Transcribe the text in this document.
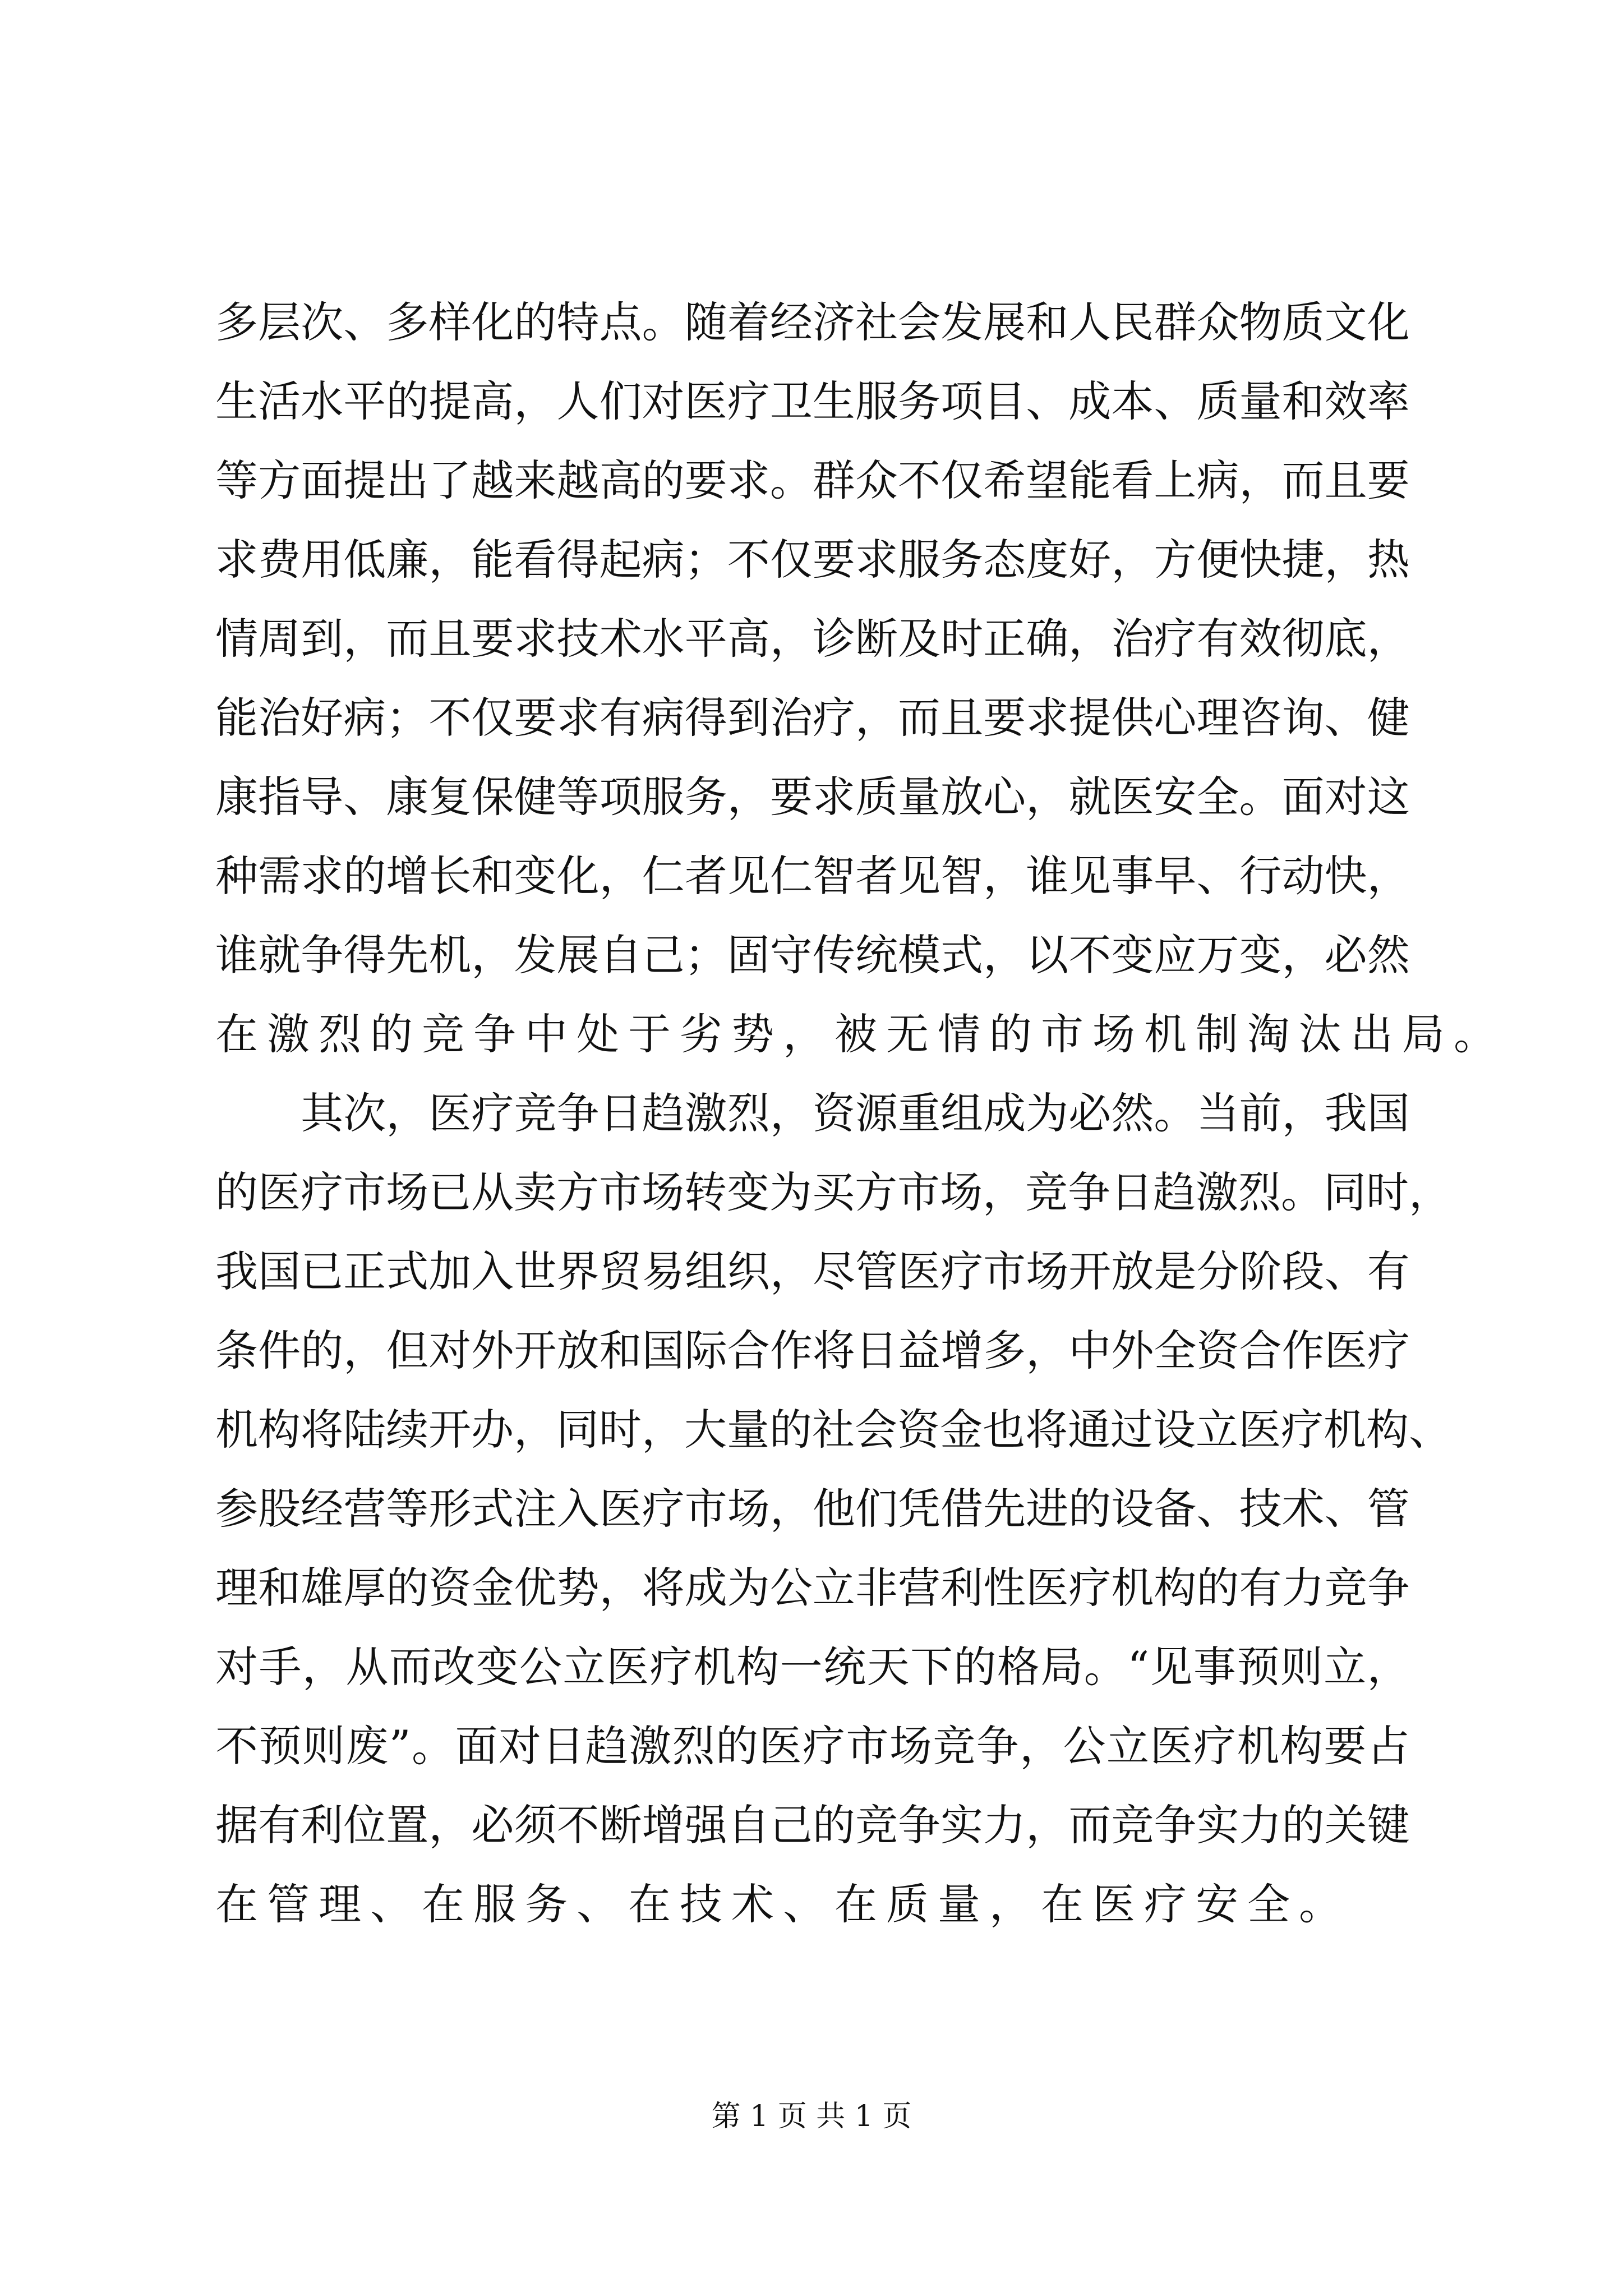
多 层 次 、 多 样 化 的 特 点 。 随 着 经 济 社 会 发 展 和 人 民 群 众 物 质 文 化
生 活 水 平 的 提 高 ， 人 们 对 医 疗 卫 生 服 务 项 目 、 成 本 、 质 量 和 效 率
等 方 面 提 出 了 越 来 越 高 的 要 求 。 群 众 不 仅 希 望 能 看 上 病 ， 而 且 要
求 费 用 低 廉 ， 能 看 得 起 病 ； 不 仅 要 求 服 务 态 度 好 ， 方 便 快 捷 ， 热
情 周 到 ， 而 且 要 求 技 术 水 平 高 ， 诊 断 及 时 正 确 ， 治 疗 有 效 彻 底 ，
能 治 好 病 ； 不 仅 要 求 有 病 得 到 治 疗 ， 而 且 要 求 提 供 心 理 咨 询 、 健
康 指 导 、 康 复 保 健 等 项 服 务 ， 要 求 质 量 放 心 ， 就 医 安 全 。 面 对 这
种 需 求 的 增 长 和 变 化 ， 仁 者 见 仁 智 者 见 智 ， 谁 见 事 早 、 行 动 快 ，
谁 就 争 得 先 机 ， 发 展 自 己 ； 固 守 传 统 模 式 ， 以 不 变 应 万 变 ， 必 然
在 激 烈 的 竞 争 中 处 于 劣 势 ， 被 无 情 的 市 场 机 制 淘 汰 出 局 。

其 次 ， 医 疗 竞 争 日 趋 激 烈 ， 资 源 重 组 成 为 必 然 。 当 前 ， 我 国
的 医 疗 市 场 已 从 卖 方 市 场 转 变 为 买 方 市 场 ， 竞 争 日 趋 激 烈 。 同 时 ，
我 国 已 正 式 加 入 世 界 贸 易 组 织 ， 尽 管 医 疗 市 场 开 放 是 分 阶 段 、 有
条 件 的 ， 但 对 外 开 放 和 国 际 合 作 将 日 益 增 多 ， 中 外 全 资 合 作 医 疗
机 构 将 陆 续 开 办 ， 同 时 ， 大 量 的 社 会 资 金 也 将 通 过 设 立 医 疗 机 构 、
参 股 经 营 等 形 式 注 入 医 疗 市 场 ， 他 们 凭 借 先 进 的 设 备 、 技 术 、 管
理 和 雄 厚 的 资 金 优 势 ， 将 成 为 公 立 非 营 利 性 医 疗 机 构 的 有 力 竞 争
对 手 ， 从 而 改 变 公 立 医 疗 机 构 一 统 天 下 的 格 局 。 “ 见 事 预 则 立 ，
不 预 则 废 ” 。 面 对 日 趋 激 烈 的 医 疗 市 场 竞 争 ， 公 立 医 疗 机 构 要 占
据 有 利 位 置 ， 必 须 不 断 增 强 自 己 的 竞 争 实 力 ， 而 竞 争 实 力 的 关 键
在 管 理 、 在 服 务 、 在 技 术 、 在 质 量 ， 在 医 疗 安 全 。
第 1 页 共 1 页
